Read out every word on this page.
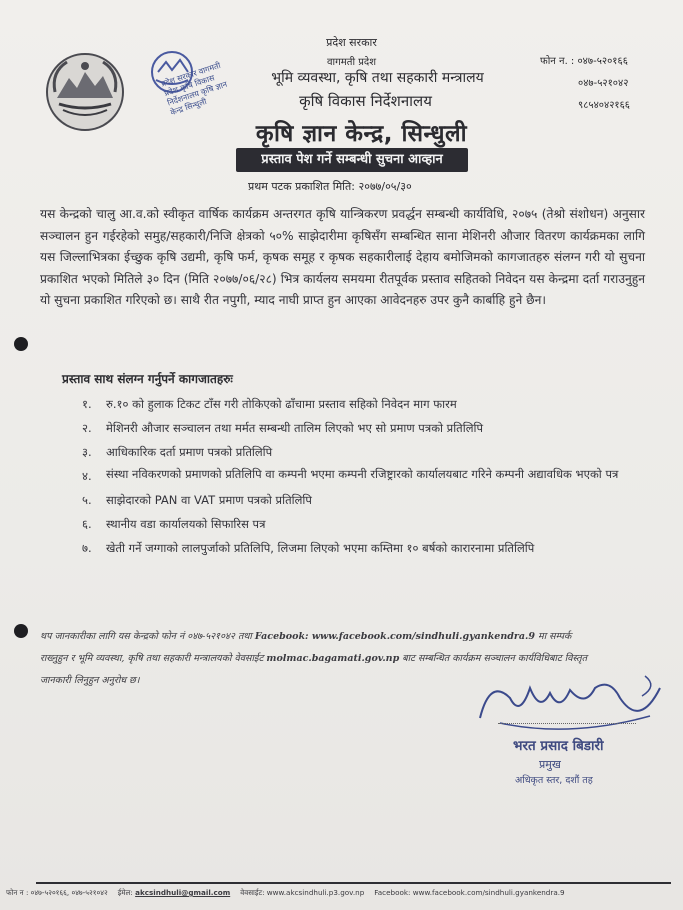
प्रदेश सरकार वागमती प्रदेश कृषि विकास निर्देशनालय कृषि ज्ञान केन्द्र सिन्धुली
प्रदेश सरकार
वागमती प्रदेश
भूमि व्यवस्था, कृषि तथा सहकारी मन्त्रालय
कृषि विकास निर्देशनालय
कृषि ज्ञान केन्द्र, सिन्धुली
फोन न. : ०४७-५२०१६६
०४७-५२१०४२
९८५४०४२१६६
प्रस्ताव पेश गर्ने सम्बन्धी सुचना आव्हान
प्रथम पटक प्रकाशित मिति: २०७७/०५/३०
यस केन्द्रको चालु आ.व.को स्वीकृत वार्षिक कार्यक्रम अन्तरगत कृषि यान्त्रिकरण प्रवर्द्धन सम्बन्धी कार्यविधि, २०७५ (तेश्रो संशोधन) अनुसार सञ्चालन हुन गईरहेको समुह/सहकारी/निजि क्षेत्रको ५०% साझेदारीमा कृषिसँग सम्बन्धित साना मेशिनरी औजार वितरण कार्यक्रमका लागि यस जिल्लाभित्रका ईच्छुक कृषि उद्यमी, कृषि फर्म, कृषक समूह र कृषक सहकारीलाई देहाय बमोजिमको कागजातहरु संलग्न गरी यो सुचना प्रकाशित भएको मितिले ३० दिन (मिति २०७७/०६/२८) भित्र कार्यलय समयमा रीतपूर्वक प्रस्ताव सहितको निवेदन यस केन्द्रमा दर्ता गराउनुहुन यो सुचना प्रकाशित गरिएको छ। साथै रीत नपुगी, म्याद नाघी प्राप्त हुन आएका आवेदनहरु उपर कुनै कार्बाहि हुने छैन।
प्रस्ताव साथ संलग्न गर्नुपर्ने कागजातहरुः
१.	रु.१० को हुलाक टिकट टाँस गरी तोकिएको ढाँचामा प्रस्ताव सहिको निवेदन माग फारम
२.	मेशिनरी औजार सञ्चालन तथा मर्मत सम्बन्धी तालिम लिएको भए सो प्रमाण पत्रको प्रतिलिपि
३.	आधिकारिक दर्ता प्रमाण पत्रको प्रतिलिपि
४.	संस्था नविकरणको प्रमाणको प्रतिलिपि वा कम्पनी भएमा कम्पनी रजिष्ट्रारको कार्यालयबाट गरिने कम्पनी अद्यावधिक भएको पत्र
५.	साझेदारको PAN वा VAT प्रमाण पत्रको प्रतिलिपि
६.	स्थानीय वडा कार्यालयको सिफारिस पत्र
७.	खेती गर्ने जग्गाको लालपुर्जाको प्रतिलिपि, लिजमा लिएको भएमा कम्तिमा १० बर्षको कारारनामा प्रतिलिपि
थप जानकारीका लागि यस केन्द्रको फोन नं ०४७-५२१०४२ तथा Facebook: www.facebook.com/sindhuli.gyankendra.9 मा सम्पर्क
राख्नुहुन र भूमि व्यवस्था, कृषि तथा सहकारी मन्त्रालयको वेवसाईट molmac.bagamati.gov.np बाट सम्बन्धित कार्यक्रम सञ्चालन कार्यविधिबाट विस्तृत
जानकारी लिनुहुन अनुरोध छ।
भरत प्रसाद बिडारी
प्रमुख
अधिकृत स्तर, दशौं तह
फोन न : ०४७-५२०१६६, ०४७-५२१०४२ ईमेल: akcsindhuli@gmail.com वेवसाईट: www.akcsindhuli.p3.gov.np Facebook: www.facebook.com/sindhuli.gyankendra.9
